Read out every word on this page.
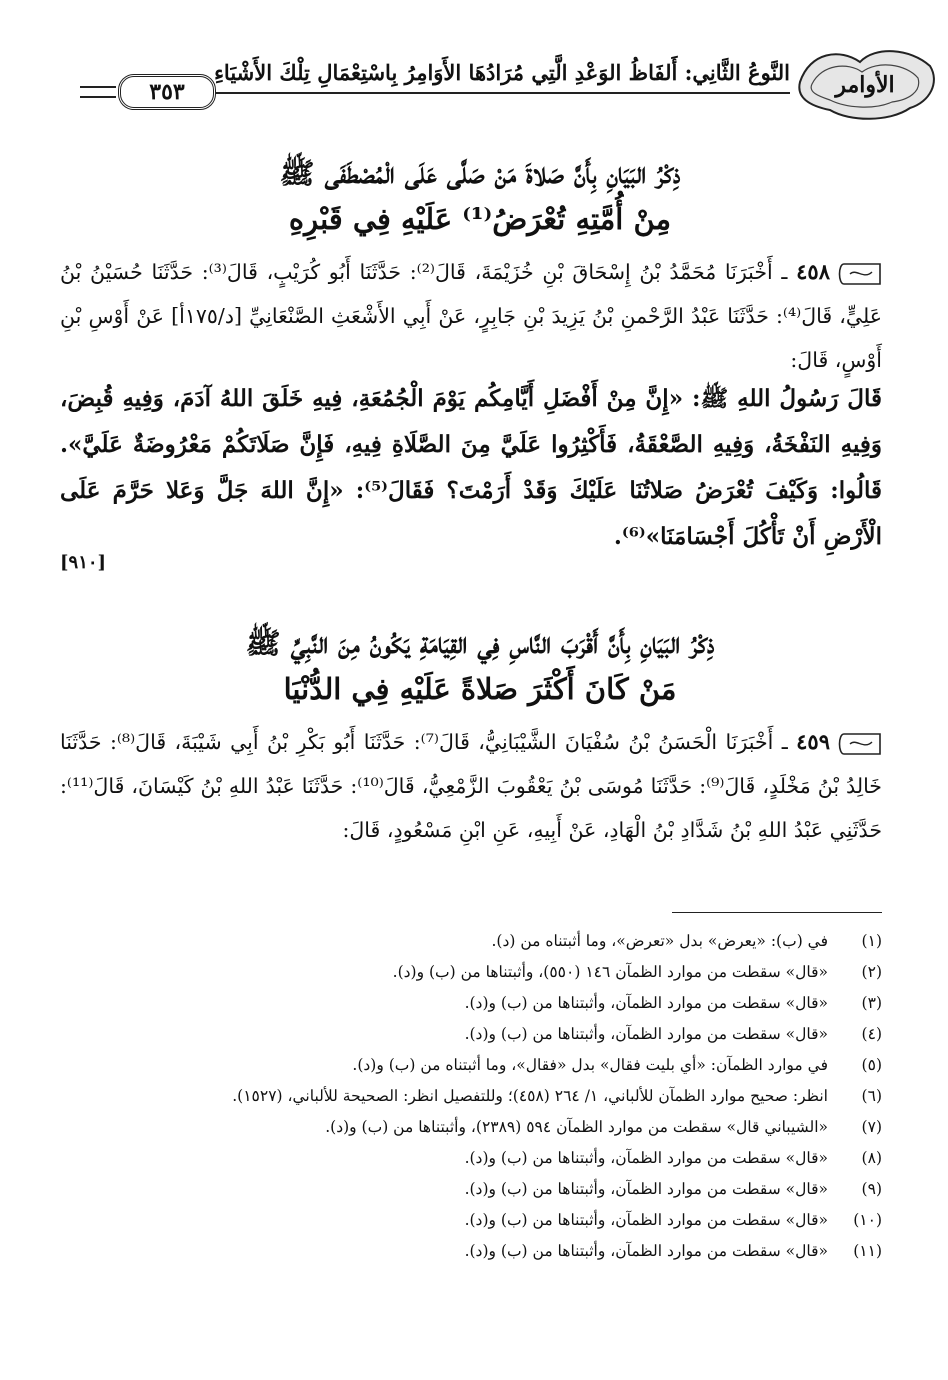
الأوامر
النَّوعُ الثَّانِي: أَلفَاظُ الوَعْدِ الَّتِي مُرَادُهَا الأَوَامِرُ بِاسْتِعْمَالِ تِلْكَ الأَشْيَاءِ
٣٥٣
ذِكْرُ البَيَانِ بِأَنَّ صَلاةَ مَنْ صَلَّى عَلَى الْمُصْطَفَى ﷺ
مِنْ أُمَّتِهِ تُعْرَضُ⁽¹⁾ عَلَيْهِ فِي قَبْرِهِ
٤٥٨ ـ أَخْبَرَنَا مُحَمَّدُ بْنُ إِسْحَاقَ بْنِ خُزَيْمَةَ، قَالَ⁽²⁾: حَدَّثَنَا أَبُو كُرَيْبٍ، قَالَ⁽³⁾: حَدَّثَنَا حُسَيْنُ بْنُ عَلِيٍّ، قَالَ⁽⁴⁾: حَدَّثَنَا عَبْدُ الرَّحْمنِ بْنُ يَزِيدَ بْنِ جَابِرٍ، عَنْ أَبِي الأَشْعَثِ الصَّنْعَانِيِّ [د/١٧٥أ] عَنْ أَوْسِ بْنِ أَوْسٍ، قَالَ:
قَالَ رَسُولُ اللهِ ﷺ: «إِنَّ مِنْ أَفْضَلِ أَيَّامِكُم يَوْمَ الْجُمُعَةِ، فِيهِ خَلَقَ اللهُ آدَمَ، وَفِيهِ قُبِضَ، وَفِيهِ النَفْخَةُ، وَفِيهِ الصَّعْقَةُ، فَأَكْثِرُوا عَلَيَّ مِنَ الصَّلَاةِ فِيهِ، فَإِنَّ صَلَاتَكُمْ مَعْرُوضَةٌ عَلَيَّ». قَالُوا: وَكَيْفَ تُعْرَضُ صَلاتُنَا عَلَيْكَ وَقَدْ أَرَمْتَ؟ فَقَالَ⁽⁵⁾: «إِنَّ اللهَ جَلَّ وَعَلا حَرَّمَ عَلَى الْأَرْضِ أَنْ تَأْكُلَ أَجْسَامَنَا»⁽⁶⁾.
[٩١٠]
ذِكْرُ البَيَانِ بِأَنَّ أَقْرَبَ النَّاسِ فِي القِيَامَةِ يَكُونُ مِنَ النَّبِيِّ ﷺ
مَنْ كَانَ أَكْثَرَ صَلاةً عَلَيْهِ فِي الدُّنْيَا
٤٥٩ ـ أَخْبَرَنَا الْحَسَنُ بْنُ سُفْيَانَ الشَّيْبَانِيُّ، قَالَ⁽⁷⁾: حَدَّثَنَا أَبُو بَكْرِ بْنُ أَبِي شَيْبَةَ، قَالَ⁽⁸⁾: حَدَّثَنَا خَالِدُ بْنُ مَخْلَدٍ، قَالَ⁽⁹⁾: حَدَّثَنَا مُوسَى بْنُ يَعْقُوبَ الزَّمْعِيُّ، قَالَ⁽¹⁰⁾: حَدَّثَنَا عَبْدُ اللهِ بْنُ كَيْسَانَ، قَالَ⁽¹¹⁾: حَدَّثَنِي عَبْدُ اللهِ بْنُ شَدَّادِ بْنُ الْهَادِ، عَنْ أَبِيهِ، عَنِ ابْنِ مَسْعُودٍ، قَالَ:
(١)
في (ب): «يعرض» بدل «تعرض»، وما أثبتناه من (د).
(٢)
«قال» سقطت من موارد الظمآن ١٤٦ (٥٥٠)، وأثبتناها من (ب) و(د).
(٣)
«قال» سقطت من موارد الظمآن، وأثبتناها من (ب) و(د).
(٤)
«قال» سقطت من موارد الظمآن، وأثبتناها من (ب) و(د).
(٥)
في موارد الظمآن: «أي بليت فقال» بدل «فقال»، وما أثبتناه من (ب) و(د).
(٦)
انظر: صحيح موارد الظمآن للألباني، ١/ ٢٦٤ (٤٥٨)؛ وللتفصيل انظر: الصحيحة للألباني، (١٥٢٧).
(٧)
«الشيباني قال» سقطت من موارد الظمآن ٥٩٤ (٢٣٨٩)، وأثبتناها من (ب) و(د).
(٨)
«قال» سقطت من موارد الظمآن، وأثبتناها من (ب) و(د).
(٩)
«قال» سقطت من موارد الظمآن، وأثبتناها من (ب) و(د).
(١٠)
«قال» سقطت من موارد الظمآن، وأثبتناها من (ب) و(د).
(١١)
«قال» سقطت من موارد الظمآن، وأثبتناها من (ب) و(د).
